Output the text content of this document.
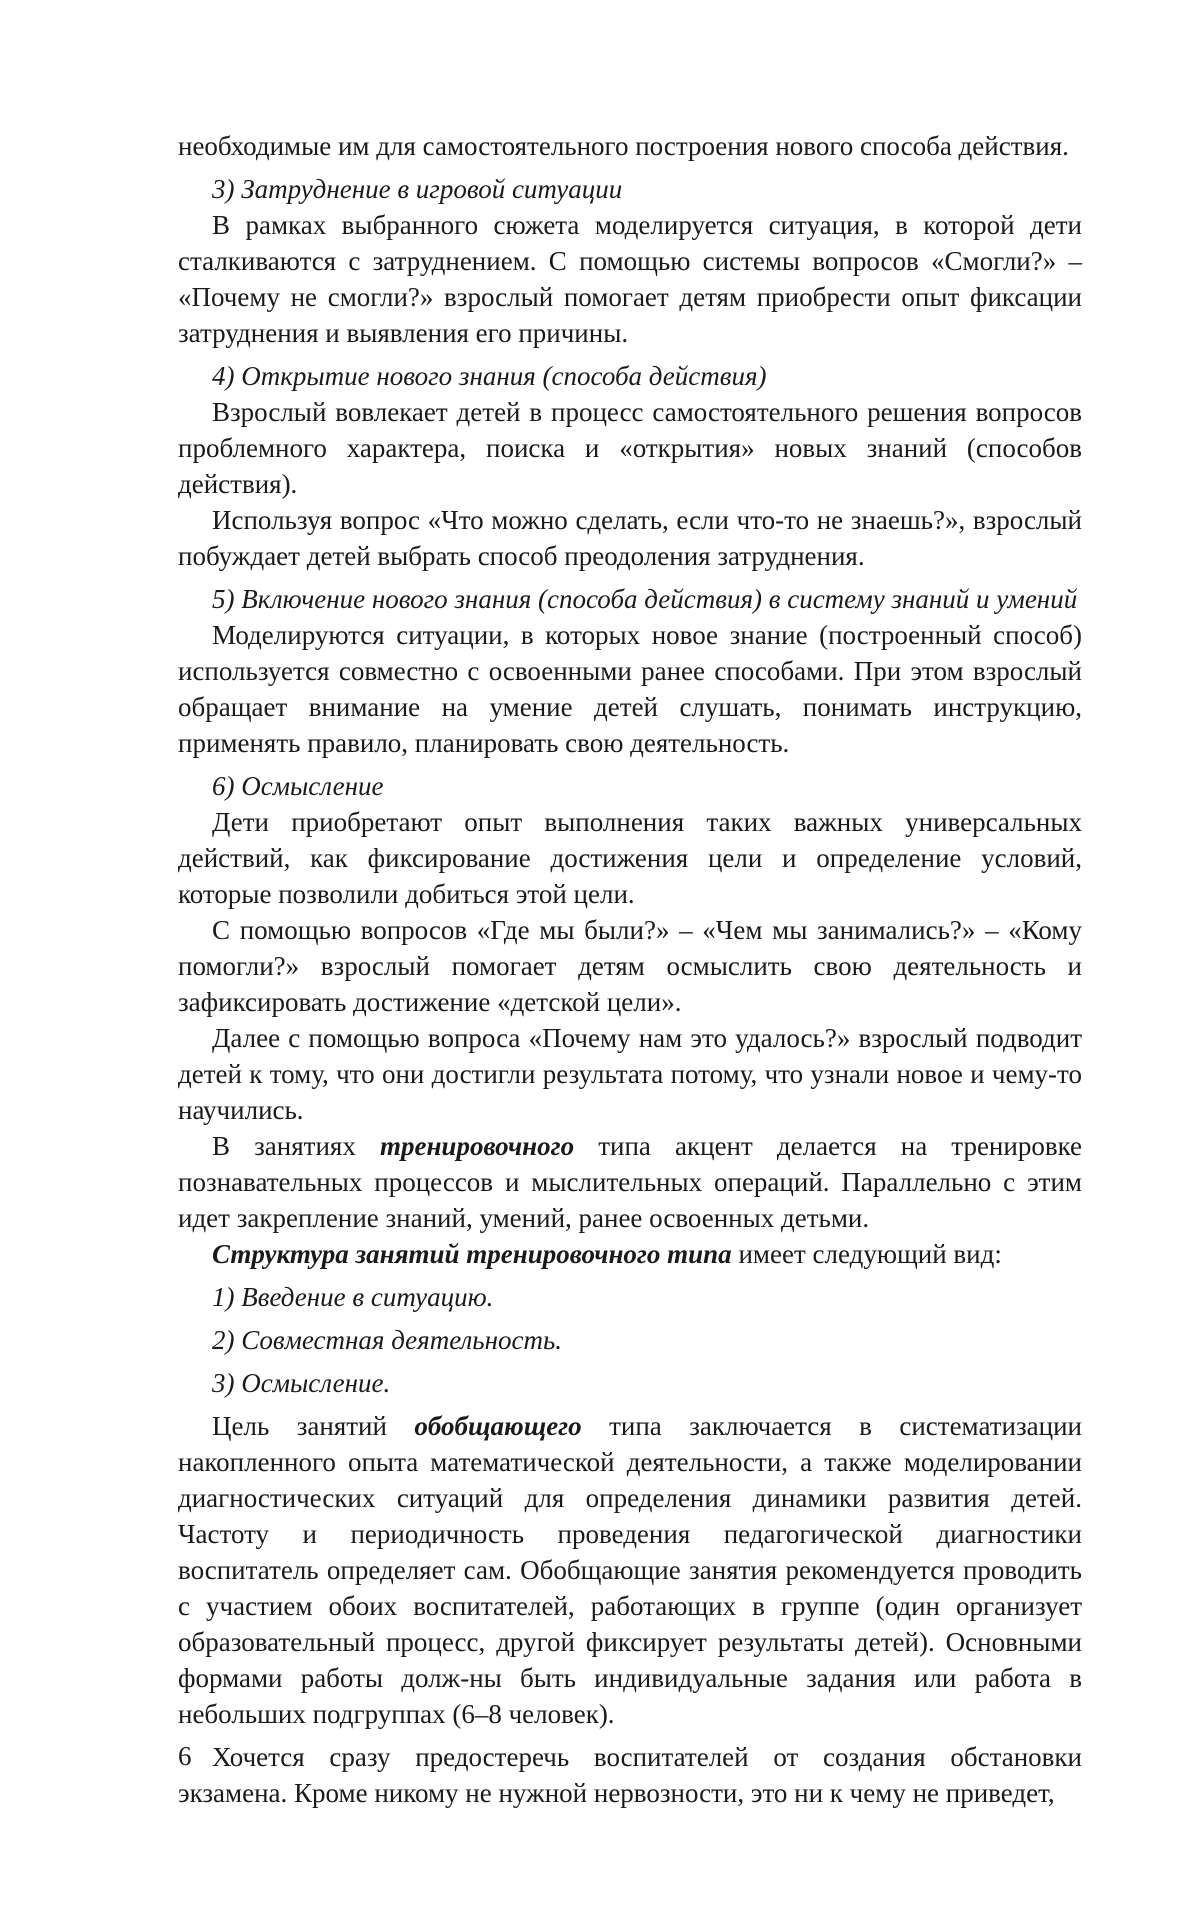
необходимые им для самостоятельного построения нового способа действия.

3) Затруднение в игровой ситуации

В рамках выбранного сюжета моделируется ситуация, в которой дети сталкиваются с затруднением. С помощью системы вопросов «Смогли?» – «Почему не смогли?» взрослый помогает детям приобрести опыт фиксации затруднения и выявления его причины.

4) Открытие нового знания (способа действия)

Взрослый вовлекает детей в процесс самостоятельного решения вопросов проблемного характера, поиска и «открытия» новых знаний (способов действия).

Используя вопрос «Что можно сделать, если что-то не знаешь?», взрослый побуждает детей выбрать способ преодоления затруднения.

5) Включение нового знания (способа действия) в систему знаний и умений

Моделируются ситуации, в которых новое знание (построенный способ) используется совместно с освоенными ранее способами. При этом взрослый обращает внимание на умение детей слушать, понимать инструкцию, применять правило, планировать свою деятельность.

6) Осмысление

Дети приобретают опыт выполнения таких важных универсальных действий, как фиксирование достижения цели и определение условий, которые позволили добиться этой цели.

С помощью вопросов «Где мы были?» – «Чем мы занимались?» – «Кому помогли?» взрослый помогает детям осмыслить свою деятельность и зафиксировать достижение «детской цели».

Далее с помощью вопроса «Почему нам это удалось?» взрослый подводит детей к тому, что они достигли результата потому, что узнали новое и чему-то научились.

В занятиях тренировочного типа акцент делается на тренировке познавательных процессов и мыслительных операций. Параллельно с этим идет закрепление знаний, умений, ранее освоенных детьми.

Структура занятий тренировочного типа имеет следующий вид:

1) Введение в ситуацию.

2) Совместная деятельность.

3) Осмысление.

Цель занятий обобщающего типа заключается в систематизации накопленного опыта математической деятельности, а также моделировании диагностических ситуаций для определения динамики развития детей. Частоту и периодичность проведения педагогической диагностики воспитатель определяет сам. Обобщающие занятия рекомендуется проводить с участием обоих воспитателей, работающих в группе (один организует образовательный процесс, другой фиксирует результаты детей). Основными формами работы долж-ны быть индивидуальные задания или работа в небольших подгруппах (6–8 человек).

Хочется сразу предостеречь воспитателей от создания обстановки экзамена. Кроме никому не нужной нервозности, это ни к чему не приведет,

6
